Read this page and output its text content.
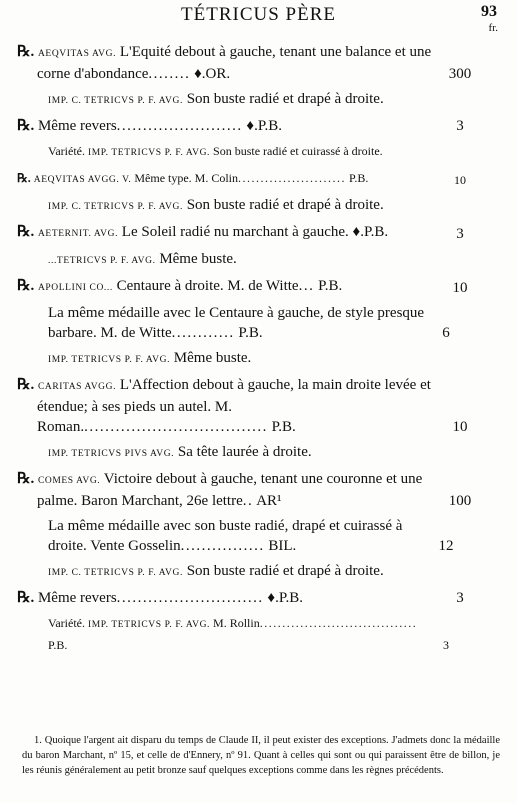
TÉTRICUS PÈRE	93
fr.
℞. AEQVITAS AVG. L'Equité debout à gauche, tenant une balance et une corne d'abondance........ ♦.OR.	300
IMP. C. TETRICVS P. F. AVG. Son buste radié et drapé à droite.
℞. Même revers........................ ♦.P.B.	3
Variété. IMP. TETRICVS P. F. AVG. Son buste radié et cuirassé à droite.
℞. AEQVITAS AVGG. V. Même type. M. Colin........................ P.B.	10
IMP. C. TETRICVS P. F. AVG. Son buste radié et drapé à droite.
℞. AETERNIT. AVG. Le Soleil radié nu marchant à gauche. ♦.P.B.	3
...TETRICVS P. F. AVG. Même buste.
℞. APOLLINI CO... Centaure à droite. M. de Witte... P.B.	10
La même médaille avec le Centaure à gauche, de style presque barbare. M. de Witte............ P.B.	6
IMP. TETRICVS P. F. AVG. Même buste.
℞. CARITAS AVGG. L'Affection debout à gauche, la main droite levée et étendue; à ses pieds un autel. M. Roman.................................... P.B.	10
IMP. TETRICVS PIVS AVG. Sa tête laurée à droite.
℞. COMES AVG. Victoire debout à gauche, tenant une couronne et une palme. Baron Marchant, 26e lettre.. AR¹	100
La même médaille avec son buste radié, drapé et cuirassé à droite. Vente Gosselin................ BIL.	12
IMP. C. TETRICVS P. F. AVG. Son buste radié et drapé à droite.
℞. Même revers............................ ♦.P.B.	3
Variété. IMP. TETRICVS P. F. AVG. M. Rollin................................... P.B.	3
1. Quoique l'argent ait disparu du temps de Claude II, il peut exister des exceptions. J'admets donc la médaille du baron Marchant, nº 15, et celle de d'Ennery, nº 91. Quant à celles qui sont ou qui paraissent être de billon, je les réunis généralement au petit bronze sauf quelques exceptions comme dans les règnes précédents.
